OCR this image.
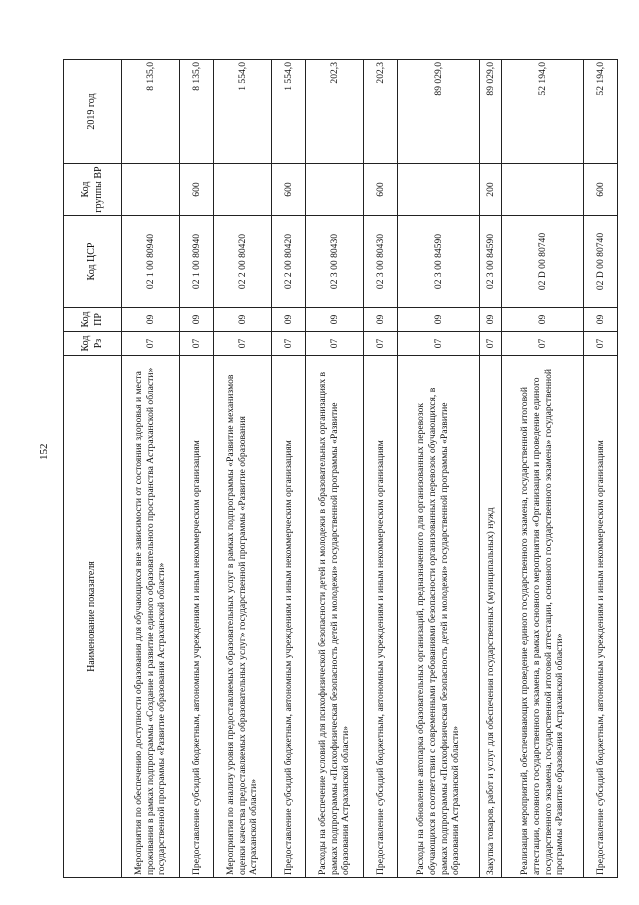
152
Наименование показателя	Код Рз	Код ПР	Код ЦСР	Код группы ВР	2019 год
Мероприятия по обеспечению доступности образования для обучающихся вне зависимости от состояния здоровья и места проживания в рамках подпрограммы «Создание и развитие единого образовательного пространства Астраханской области» государственной программы «Развитие образования Астраханской области»	07	09	02 1 00 80940		8 135,0
Предоставление субсидий бюджетным, автономным учреждениям и иным некоммерческим организациям	07	09	02 1 00 80940	600	8 135,0
Мероприятия по анализу уровня предоставляемых образовательных услуг в рамках подпрограммы «Развитие механизмов оценки качества предоставляемых образовательных услуг» государственной программы «Развитие образования Астраханской области»	07	09	02 2 00 80420		1 554,0
Предоставление субсидий бюджетным, автономным учреждениям и иным некоммерческим организациям	07	09	02 2 00 80420	600	1 554,0
Расходы на обеспечение условий для психофизической безопасности детей и молодежи в образовательных организациях в рамках подпрограммы «Психофизическая безопасность детей и молодежи» государственной программы «Развитие образования Астраханской области»	07	09	02 3 00 80430		202,3
Предоставление субсидий бюджетным, автономным учреждениям и иным некоммерческим организациям	07	09	02 3 00 80430	600	202,3
Расходы на обновление автопарка образовательных организаций, предназначенного для организованных перевозок обучающихся в соответствии с современными требованиями безопасности организованных перевозок обучающихся, в рамках подпрограммы «Психофизическая безопасность детей и молодежи» государственной программы «Развитие образования Астраханской области»	07	09	02 3 00 84590		89 029,0
Закупка товаров, работ и услуг для обеспечения государственных (муниципальных) нужд	07	09	02 3 00 84590	200	89 029,0
Реализация мероприятий, обеспечивающих проведение единого государственного экзамена, государственной итоговой аттестации, основного государственного экзамена, в рамках основного мероприятия «Организация и проведение единого государственного экзамена, государственной итоговой аттестации, основного государственного экзамена» государственной программы «Развитие образования Астраханской области»	07	09	02 D 00 80740		52 194,0
Предоставление субсидий бюджетным, автономным учреждениям и иным некоммерческим организациям	07	09	02 D 00 80740	600	52 194,0
